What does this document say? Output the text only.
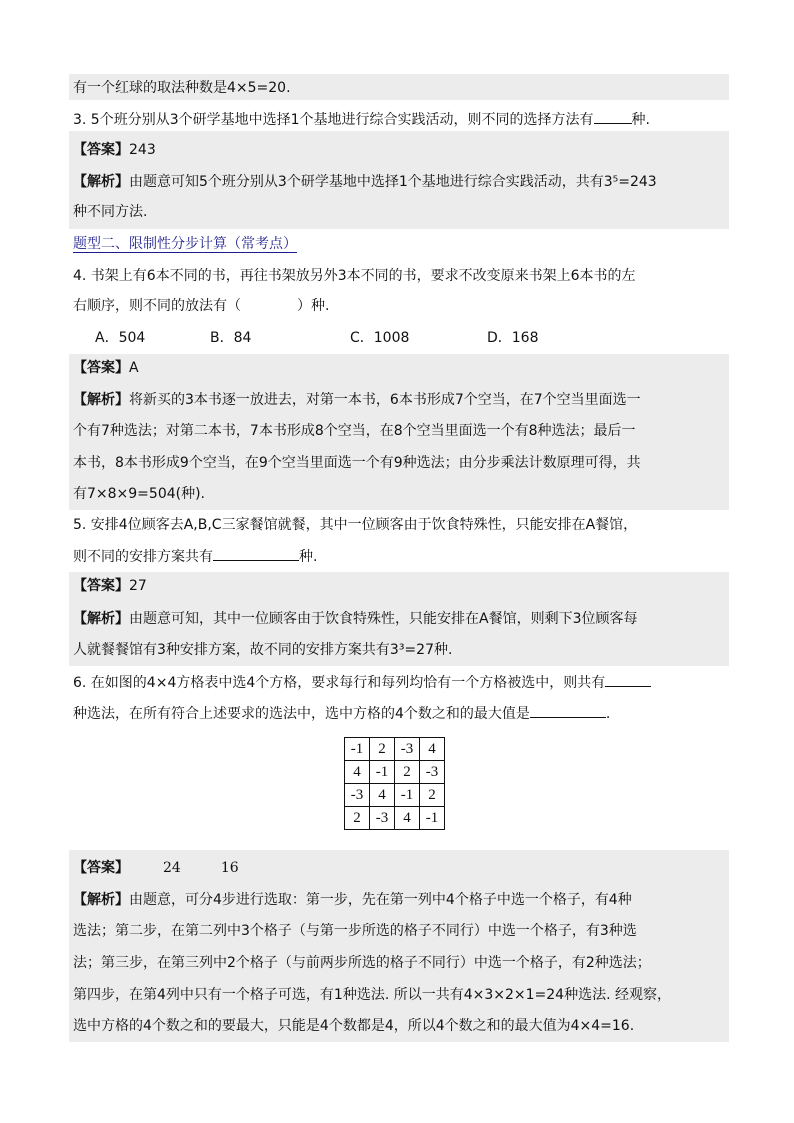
有一个红球的取法种数是4×5=20.
3. 5个班分别从3个研学基地中选择1个基地进行综合实践活动，则不同的选择方法有	种.
【答案】243
【解析】由题意可知5个班分别从3个研学基地中选择1个基地进行综合实践活动，共有3⁵=243
种不同方法.
题型二、限制性分步计算（常考点）
4. 书架上有6本不同的书，再往书架放另外3本不同的书，要求不改变原来书架上6本书的左
右顺序，则不同的放法有（	）种.
A．504	B．84	C．1008	D．168
【答案】A
【解析】将新买的3本书逐一放进去，对第一本书，6本书形成7个空当，在7个空当里面选一
个有7种选法；对第二本书，7本书形成8个空当，在8个空当里面选一个有8种选法；最后一
本书，8本书形成9个空当，在9个空当里面选一个有9种选法；由分步乘法计数原理可得，共
有7×8×9=504(种).
5. 安排4位顾客去A,B,C三家餐馆就餐，其中一位顾客由于饮食特殊性，只能安排在A餐馆，
则不同的安排方案共有	种.
【答案】27
【解析】由题意可知，其中一位顾客由于饮食特殊性，只能安排在A餐馆，则剩下3位顾客每
人就餐餐馆有3种安排方案，故不同的安排方案共有3³=27种.
6. 在如图的4×4方格表中选4个方格，要求每行和每列均恰有一个方格被选中，则共有
种选法，在所有符合上述要求的选法中，选中方格的4个数之和的最大值是	.
-1	2	-3	4
4	-1	2	-3
-3	4	-1	2
2	-3	4	-1
【答案】 24	16
【解析】由题意，可分4步进行选取：第一步，先在第一列中4个格子中选一个格子，有4种
选法；第二步，在第二列中3个格子（与第一步所选的格子不同行）中选一个格子，有3种选
法；第三步，在第三列中2个格子（与前两步所选的格子不同行）中选一个格子，有2种选法；
第四步，在第4列中只有一个格子可选，有1种选法. 所以一共有4×3×2×1=24种选法. 经观察，
选中方格的4个数之和的要最大，只能是4个数都是4，所以4个数之和的最大值为4×4=16.
